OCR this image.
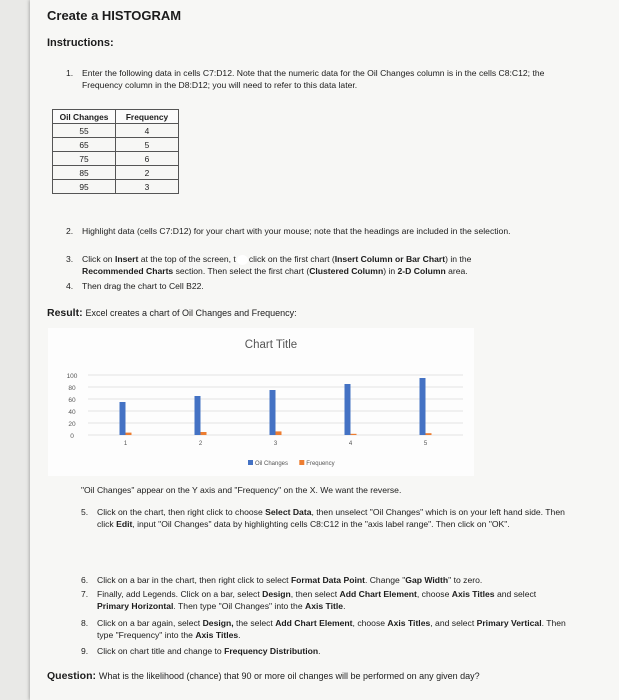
Create a HISTOGRAM
Instructions:
1. Enter the following data in cells C7:D12. Note that the numeric data for the Oil Changes column is in the cells C8:C12; the Frequency column in the D8:D12; you will need to refer to this data later.
Oil Changes	Frequency
55	4
65	5
75	6
85	2
95	3
2. Highlight data (cells C7:D12) for your chart with your mouse; note that the headings are included in the selection.
3. Click on Insert at the top of the screen, t click on the first chart (Insert Column or Bar Chart) in the
Recommended Charts section. Then select the first chart (Clustered Column) in 2-D Column area.
4. Then drag the chart to Cell B22.
Result: Excel creates a chart of Oil Changes and Frequency:
Chart Title
0
20
40
60
80
100
1	2	3	4	5
Oil Changes	Frequency
"Oil Changes" appear on the Y axis and "Frequency" on the X. We want the reverse.
5. Click on the chart, then right click to choose Select Data, then unselect "Oil Changes" which is on your left hand side. Then click Edit, input "Oil Changes" data by highlighting cells C8:C12 in the "axis label range". Then click on "OK".
6. Click on a bar in the chart, then right click to select Format Data Point. Change "Gap Width" to zero.
7. Finally, add Legends. Click on a bar, select Design, then select Add Chart Element, choose Axis Titles and select Primary Horizontal. Then type "Oil Changes" into the Axis Title.
8. Click on a bar again, select Design, the select Add Chart Element, choose Axis Titles, and select Primary Vertical. Then type "Frequency" into the Axis Titles.
9. Click on chart title and change to Frequency Distribution.
Question: What is the likelihood (chance) that 90 or more oil changes will be performed on any given day?
